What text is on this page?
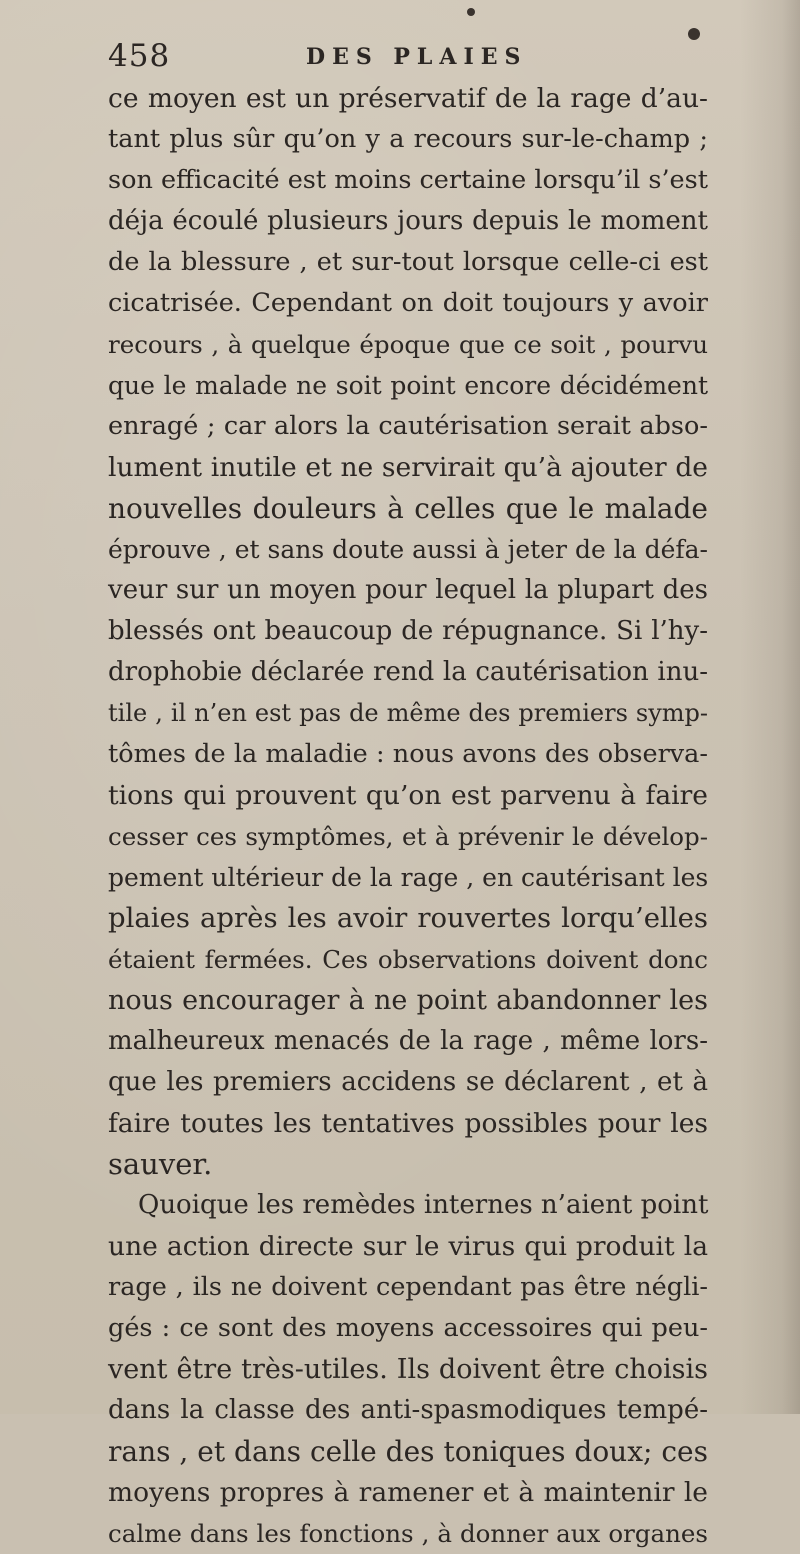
458	DES PLAIES
ce moyen est un préservatif de la rage d’au-
tant plus sûr qu’on y a recours sur-le-champ ;
son efficacité est moins certaine lorsqu’il s’est
déja écoulé plusieurs jours depuis le moment
de la blessure , et sur-tout lorsque celle-ci est
cicatrisée. Cependant on doit toujours y avoir
recours , à quelque époque que ce soit , pourvu
que le malade ne soit point encore décidément
enragé ; car alors la cautérisation serait abso-
lument inutile et ne servirait qu’à ajouter de
nouvelles douleurs à celles que le malade
éprouve , et sans doute aussi à jeter de la défa-
veur sur un moyen pour lequel la plupart des
blessés ont beaucoup de répugnance. Si l’hy-
drophobie déclarée rend la cautérisation inu-
tile , il n’en est pas de même des premiers symp-
tômes de la maladie : nous avons des observa-
tions qui prouvent qu’on est parvenu à faire
cesser ces symptômes, et à prévenir le dévelop-
pement ultérieur de la rage , en cautérisant les
plaies après les avoir rouvertes lorqu’elles
étaient fermées. Ces observations doivent donc
nous encourager à ne point abandonner les
malheureux menacés de la rage , même lors-
que les premiers accidens se déclarent , et à
faire toutes les tentatives possibles pour les
sauver.
Quoique les remèdes internes n’aient point
une action directe sur le virus qui produit la
rage , ils ne doivent cependant pas être négli-
gés : ce sont des moyens accessoires qui peu-
vent être très-utiles. Ils doivent être choisis
dans la classe des anti-spasmodiques tempé-
rans , et dans celle des toniques doux; ces
moyens propres à ramener et à maintenir le
calme dans les fonctions , à donner aux organes
